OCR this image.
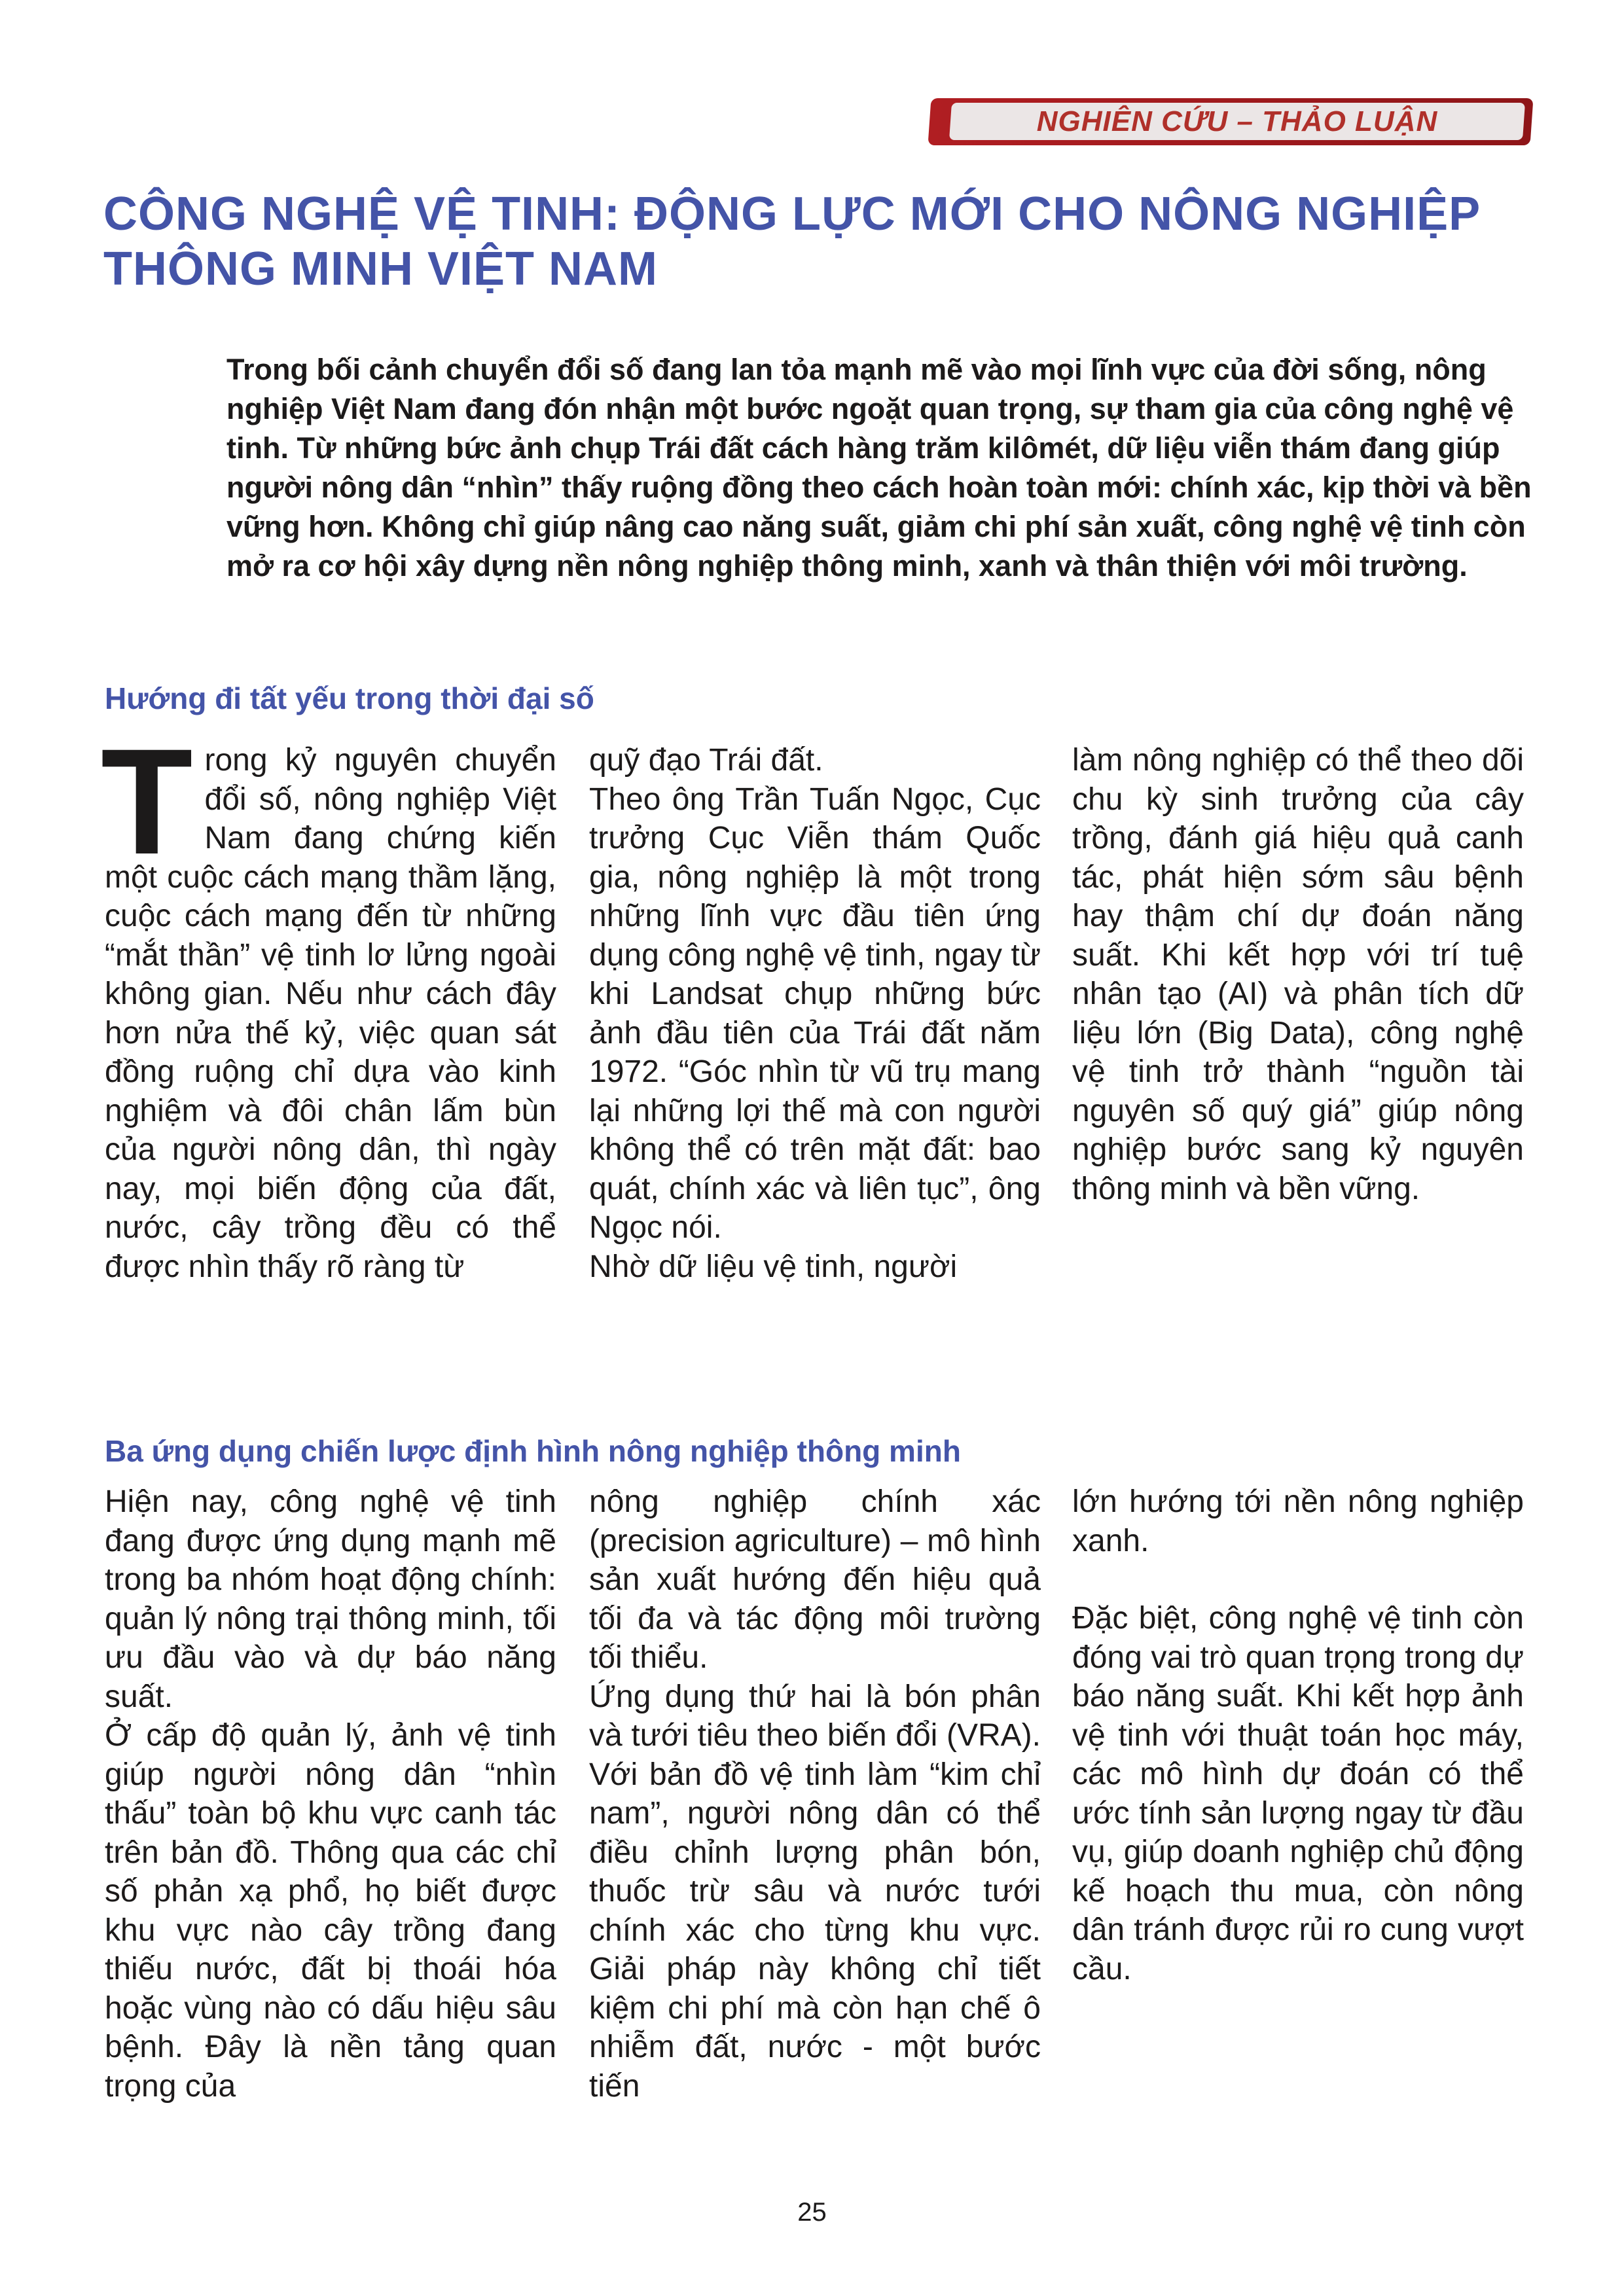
NGHIÊN CỨU – THẢO LUẬN
CÔNG NGHỆ VỆ TINH: ĐỘNG LỰC MỚI CHO NÔNG NGHIỆP THÔNG MINH VIỆT NAM

Trong bối cảnh chuyển đổi số đang lan tỏa mạnh mẽ vào mọi lĩnh vực của đời sống, nông nghiệp Việt Nam đang đón nhận một bước ngoặt quan trọng, sự tham gia của công nghệ vệ tinh. Từ những bức ảnh chụp Trái đất cách hàng trăm kilômét, dữ liệu viễn thám đang giúp người nông dân “nhìn” thấy ruộng đồng theo cách hoàn toàn mới: chính xác, kịp thời và bền vững hơn. Không chỉ giúp nâng cao năng suất, giảm chi phí sản xuất, công nghệ vệ tinh còn mở ra cơ hội xây dựng nền nông nghiệp thông minh, xanh và thân thiện với môi trường.

Hướng đi tất yếu trong thời đại số

Trong kỷ nguyên chuyển đổi số, nông nghiệp Việt Nam đang chứng kiến một cuộc cách mạng thầm lặng, cuộc cách mạng đến từ những “mắt thần” vệ tinh lơ lửng ngoài không gian. Nếu như cách đây hơn nửa thế kỷ, việc quan sát đồng ruộng chỉ dựa vào kinh nghiệm và đôi chân lấm bùn của người nông dân, thì ngày nay, mọi biến động của đất, nước, cây trồng đều có thể được nhìn thấy rõ ràng từ

quỹ đạo Trái đất.

Theo ông Trần Tuấn Ngọc, Cục trưởng Cục Viễn thám Quốc gia, nông nghiệp là một trong những lĩnh vực đầu tiên ứng dụng công nghệ vệ tinh, ngay từ khi Landsat chụp những bức ảnh đầu tiên của Trái đất năm 1972. “Góc nhìn từ vũ trụ mang lại những lợi thế mà con người không thể có trên mặt đất: bao quát, chính xác và liên tục”, ông Ngọc nói.

Nhờ dữ liệu vệ tinh, người

làm nông nghiệp có thể theo dõi chu kỳ sinh trưởng của cây trồng, đánh giá hiệu quả canh tác, phát hiện sớm sâu bệnh hay thậm chí dự đoán năng suất. Khi kết hợp với trí tuệ nhân tạo (AI) và phân tích dữ liệu lớn (Big Data), công nghệ vệ tinh trở thành “nguồn tài nguyên số quý giá” giúp nông nghiệp bước sang kỷ nguyên thông minh và bền vững.

Ba ứng dụng chiến lược định hình nông nghiệp thông minh

Hiện nay, công nghệ vệ tinh đang được ứng dụng mạnh mẽ trong ba nhóm hoạt động chính: quản lý nông trại thông minh, tối ưu đầu vào và dự báo năng suất.

Ở cấp độ quản lý, ảnh vệ tinh giúp người nông dân “nhìn thấu” toàn bộ khu vực canh tác trên bản đồ. Thông qua các chỉ số phản xạ phổ, họ biết được khu vực nào cây trồng đang thiếu nước, đất bị thoái hóa hoặc vùng nào có dấu hiệu sâu bệnh. Đây là nền tảng quan trọng của

nông nghiệp chính xác (precision agriculture) – mô hình sản xuất hướng đến hiệu quả tối đa và tác động môi trường tối thiểu.

Ứng dụng thứ hai là bón phân và tưới tiêu theo biến đổi (VRA). Với bản đồ vệ tinh làm “kim chỉ nam”, người nông dân có thể điều chỉnh lượng phân bón, thuốc trừ sâu và nước tưới chính xác cho từng khu vực. Giải pháp này không chỉ tiết kiệm chi phí mà còn hạn chế ô nhiễm đất, nước - một bước tiến

lớn hướng tới nền nông nghiệp xanh.

Đặc biệt, công nghệ vệ tinh còn đóng vai trò quan trọng trong dự báo năng suất. Khi kết hợp ảnh vệ tinh với thuật toán học máy, các mô hình dự đoán có thể ước tính sản lượng ngay từ đầu vụ, giúp doanh nghiệp chủ động kế hoạch thu mua, còn nông dân tránh được rủi ro cung vượt cầu.

25
